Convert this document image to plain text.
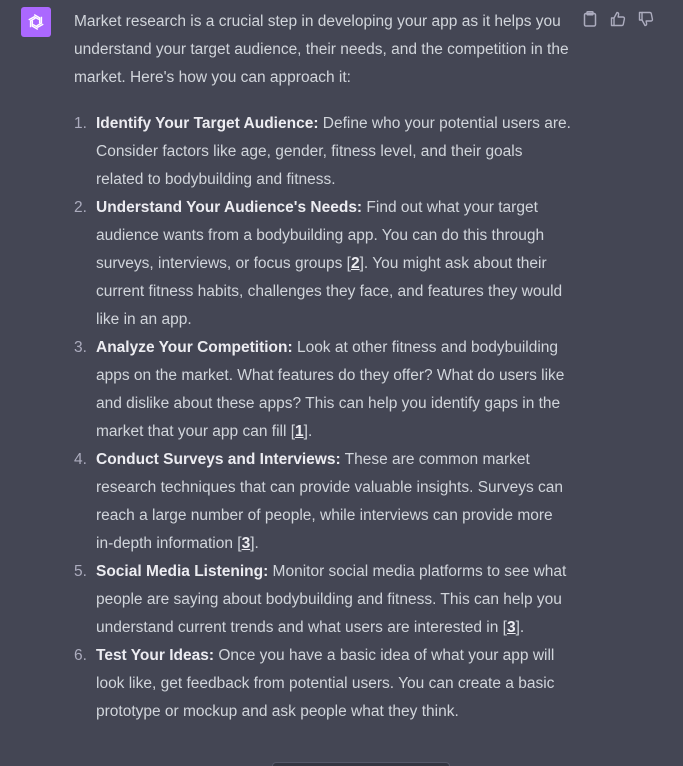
Market research is a crucial step in developing your app as it helps you understand your target audience, their needs, and the competition in the market. Here's how you can approach it:

1. Identify Your Target Audience: Define who your potential users are. Consider factors like age, gender, fitness level, and their goals related to bodybuilding and fitness.
2. Understand Your Audience's Needs: Find out what your target audience wants from a bodybuilding app. You can do this through surveys, interviews, or focus groups [2]. You might ask about their current fitness habits, challenges they face, and features they would like in an app.
3. Analyze Your Competition: Look at other fitness and bodybuilding apps on the market. What features do they offer? What do users like and dislike about these apps? This can help you identify gaps in the market that your app can fill [1].
4. Conduct Surveys and Interviews: These are common market research techniques that can provide valuable insights. Surveys can reach a large number of people, while interviews can provide more in-depth information [3].
5. Social Media Listening: Monitor social media platforms to see what people are saying about bodybuilding and fitness. This can help you understand current trends and what users are interested in [3].
6. Test Your Ideas: Once you have a basic idea of what your app will look like, get feedback from potential users. You can create a basic prototype or mockup and ask people what they think.
